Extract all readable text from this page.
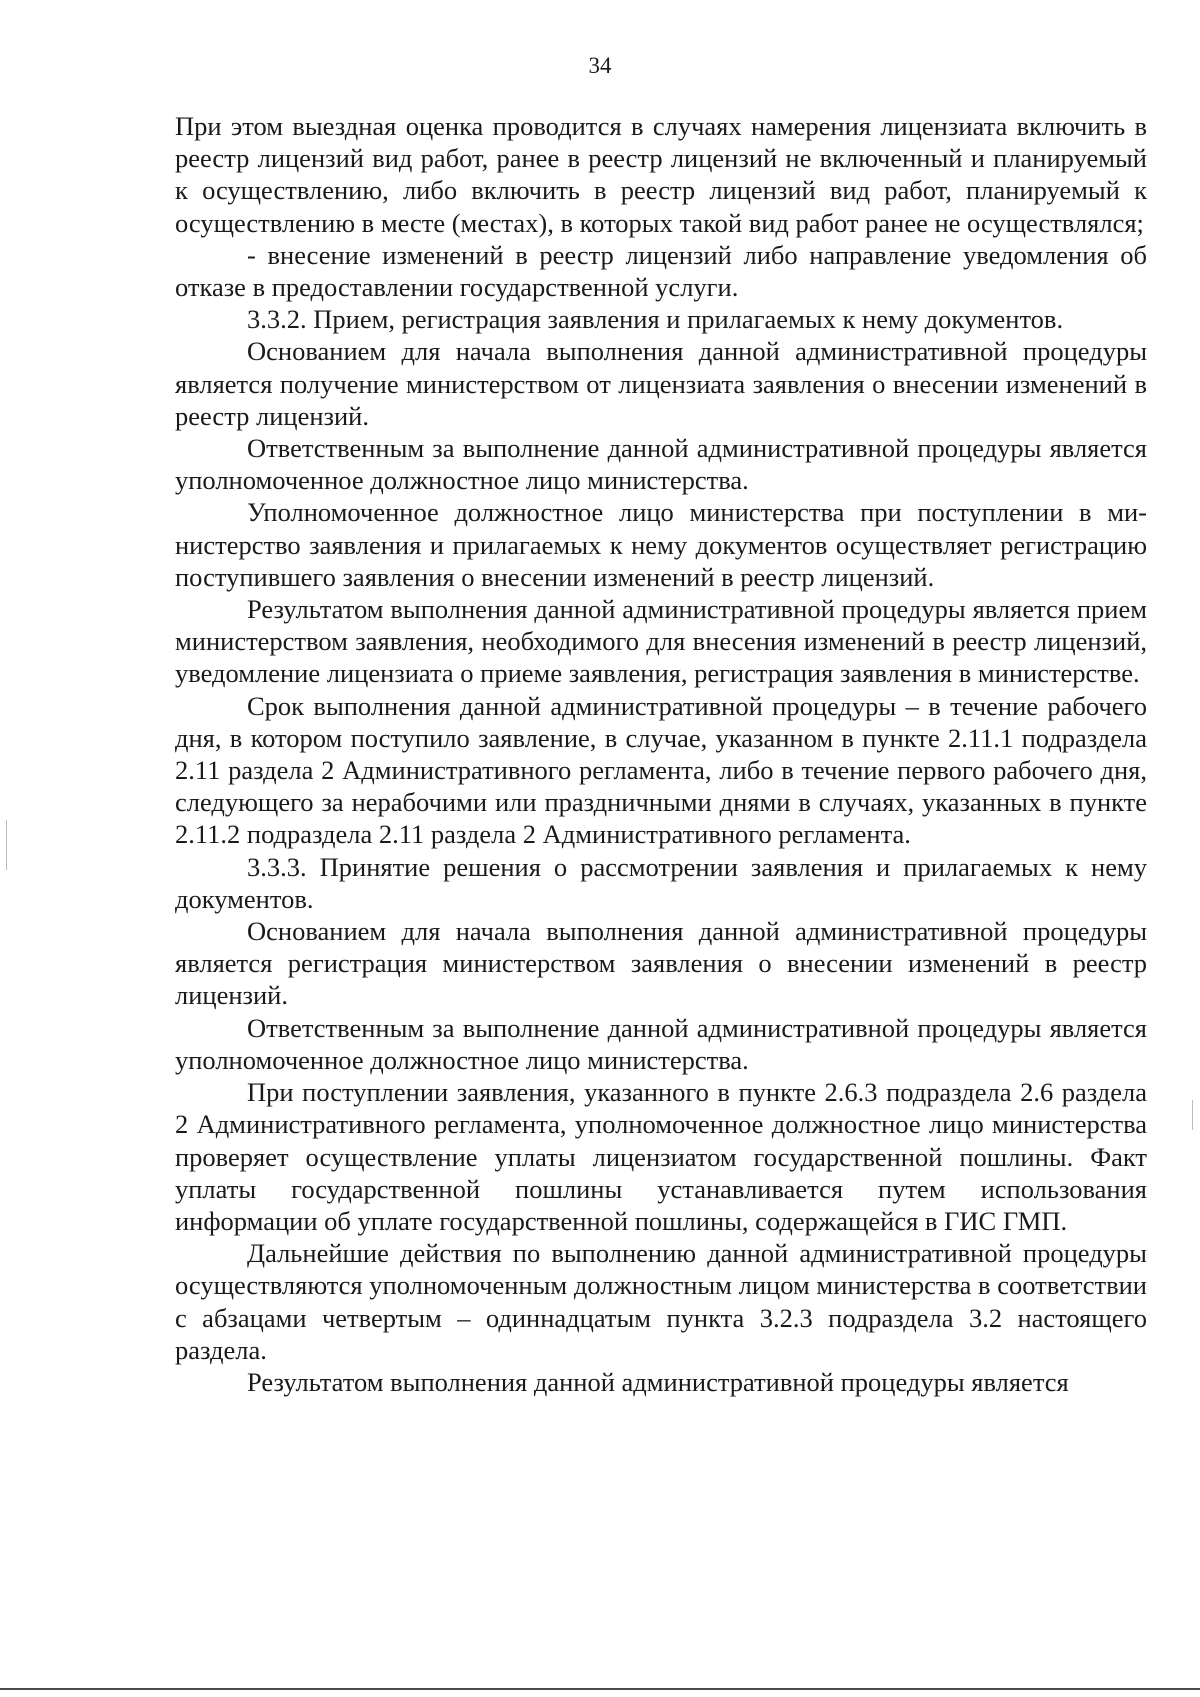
34

При этом выездная оценка проводится в случаях намерения лицензиата включить в реестр лицензий вид работ, ранее в реестр лицензий не включенный и планируемый к осуществлению, либо включить в реестр лицензий вид работ, планируемый к осуществлению в месте (местах), в которых такой вид работ ранее не осуществлялся;

- внесение изменений в реестр лицензий либо направление уведомления об отказе в предоставлении государственной услуги.

3.3.2. Прием, регистрация заявления и прилагаемых к нему документов.

Основанием для начала выполнения данной административной процедуры является получение министерством от лицензиата заявления о внесении изменений в реестр лицензий.

Ответственным за выполнение данной административной процедуры является уполномоченное должностное лицо министерства.

Уполномоченное должностное лицо министерства при поступлении в министерство заявления и прилагаемых к нему документов осуществляет регистрацию поступившего заявления о внесении изменений в реестр лицензий.

Результатом выполнения данной административной процедуры является прием министерством заявления, необходимого для внесения изменений в реестр лицензий, уведомление лицензиата о приеме заявления, регистрация заявления в министерстве.

Срок выполнения данной административной процедуры – в течение рабочего дня, в котором поступило заявление, в случае, указанном в пункте 2.11.1 подраздела 2.11 раздела 2 Административного регламента, либо в течение первого рабочего дня, следующего за нерабочими или праздничными днями в случаях, указанных в пункте 2.11.2 подраздела 2.11 раздела 2 Административного регламента.

3.3.3. Принятие решения о рассмотрении заявления и прилагаемых к нему документов.

Основанием для начала выполнения данной административной процедуры является регистрация министерством заявления о внесении изменений в реестр лицензий.

Ответственным за выполнение данной административной процедуры является уполномоченное должностное лицо министерства.

При поступлении заявления, указанного в пункте 2.6.3 подраздела 2.6 раздела 2 Административного регламента, уполномоченное должностное лицо министерства проверяет осуществление уплаты лицензиатом государственной пошлины. Факт уплаты государственной пошлины устанавливается путем использования информации об уплате государственной пошлины, содержащейся в ГИС ГМП.

Дальнейшие действия по выполнению данной административной процедуры осуществляются уполномоченным должностным лицом министерства в соответствии с абзацами четвертым – одиннадцатым пункта 3.2.3 подраздела 3.2 настоящего раздела.

Результатом выполнения данной административной процедуры является
